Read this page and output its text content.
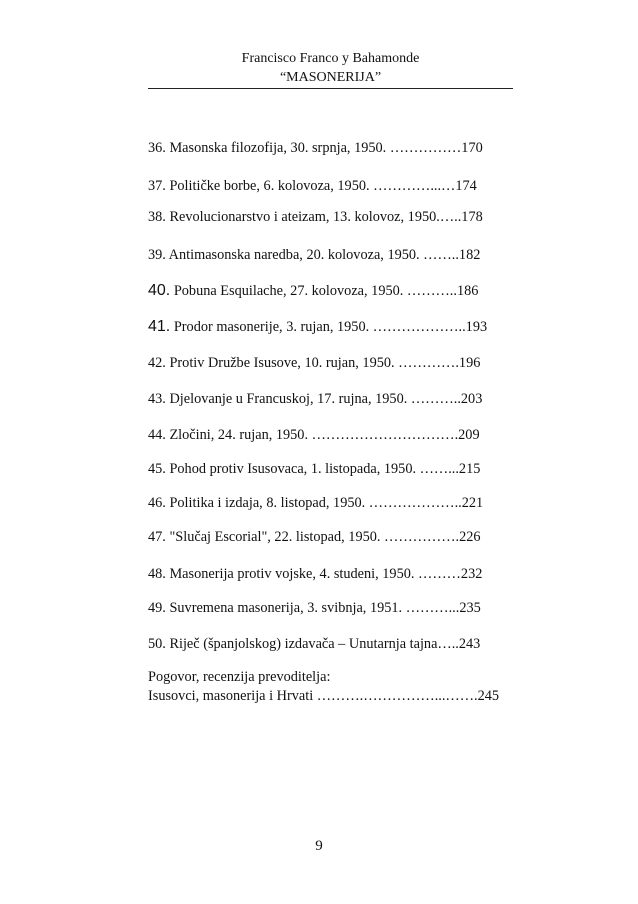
Francisco Franco y Bahamonde
“MASONERIJA”
36. Masonska filozofija, 30. srpnja, 1950. ……………170
37. Političke borbe, 6. kolovoza, 1950. …………...…174
38. Revolucionarstvo i ateizam, 13. kolovoz, 1950.…..178
39. Antimasonska naredba, 20. kolovoza, 1950. ……..182
40. Pobuna Esquilache, 27. kolovoza, 1950. ………..186
41. Prodor masonerije, 3. rujan, 1950. ………………..193
42. Protiv Družbe Isusove, 10. rujan, 1950. ………….196
43. Djelovanje u Francuskoj, 17. rujna, 1950. ………..203
44. Zločini, 24. rujan, 1950. ………………………….209
45. Pohod protiv Isusovaca, 1. listopada, 1950. ……...215
46. Politika i izdaja, 8. listopad, 1950. ………………..221
47. "Slučaj Escorial", 22. listopad, 1950. …………….226
48. Masonerija protiv vojske, 4. studeni, 1950. ………232
49. Suvremena masonerija, 3. svibnja, 1951. ………...235
50. Riječ (španjolskog) izdavača – Unutarnja tajna…..243
Pogovor, recenzija prevoditelja:
Isusovci, masonerija i Hrvati ……….……………...…….245
9
